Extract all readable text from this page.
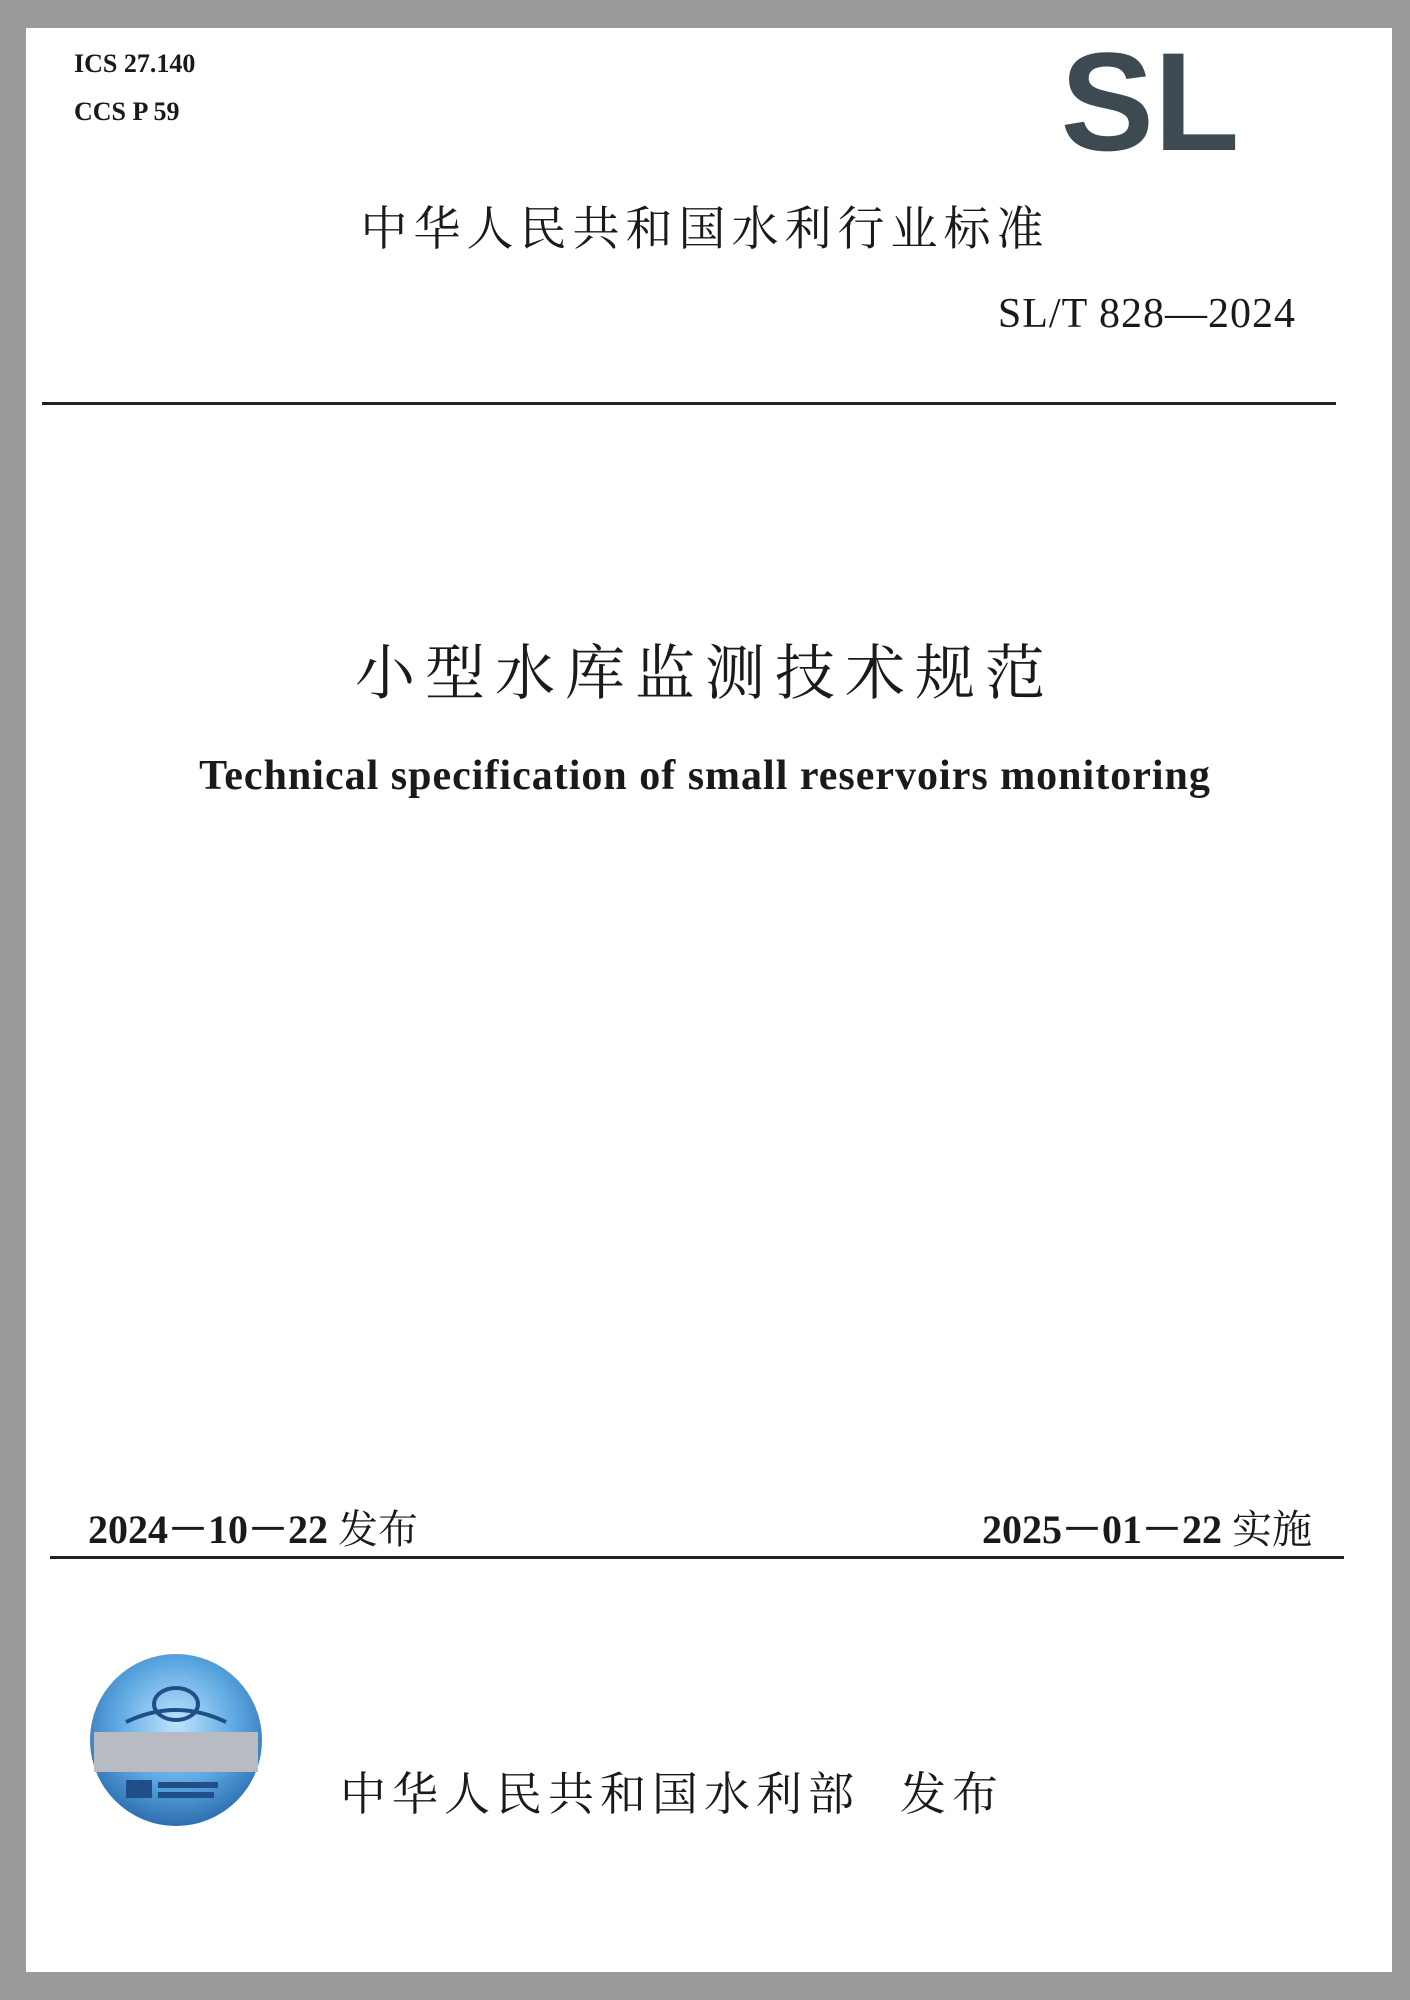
ICS 27.140
CCS P 59	SL
中华人民共和国水利行业标准
SL/T 828—2024
小型水库监测技术规范
Technical specification of small reservoirs monitoring
2024－10－22 发布	2025－01－22 实施
中华人民共和国水利部 发布
